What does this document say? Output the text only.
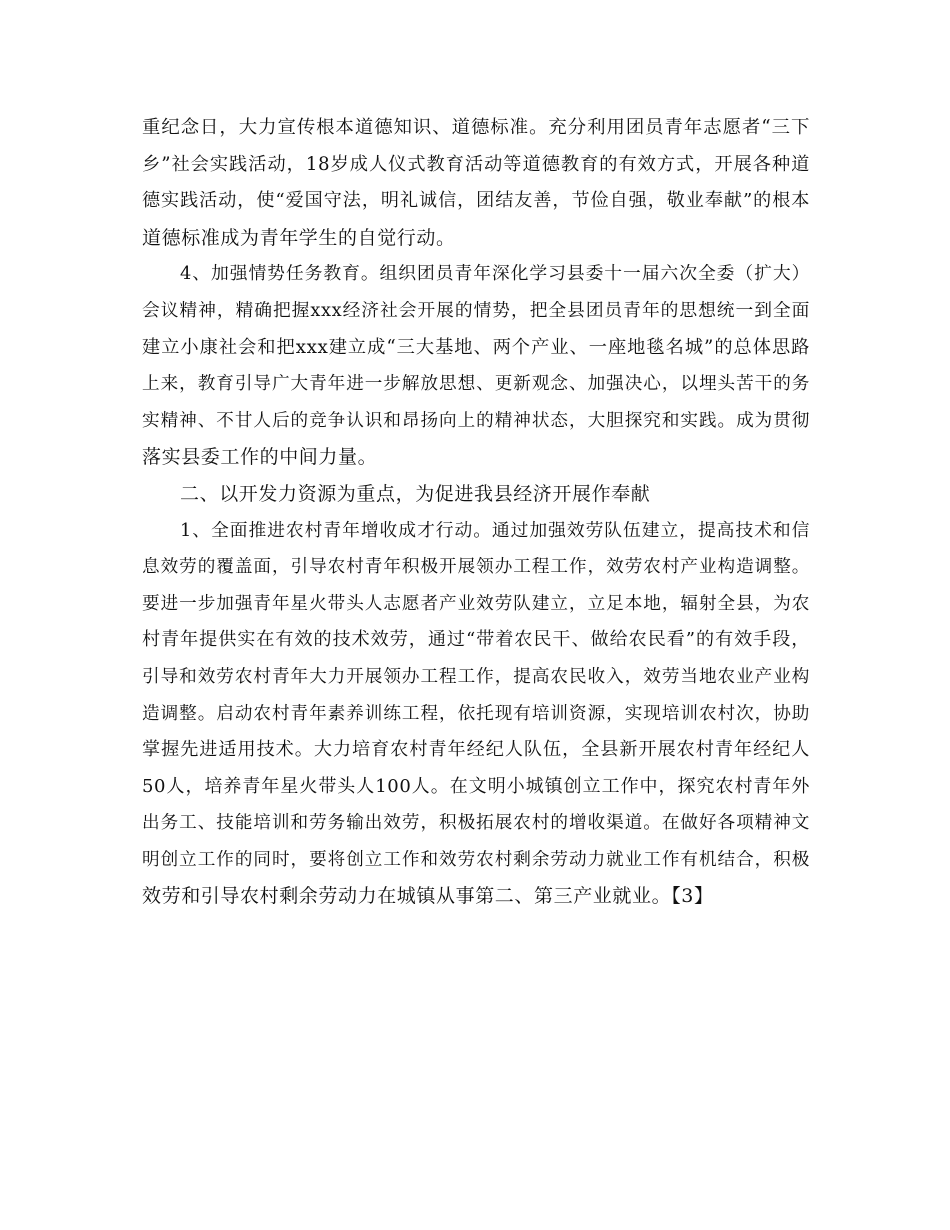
重纪念日，大力宣传根本道德知识、道德标准。充分利用团员青年志愿者“三下
乡”社会实践活动，18岁成人仪式教育活动等道德教育的有效方式，开展各种道
德实践活动，使“爱国守法，明礼诚信，团结友善，节俭自强，敬业奉献”的根本
道德标准成为青年学生的自觉行动。
4、加强情势任务教育。组织团员青年深化学习县委十一届六次全委（扩大）
会议精神，精确把握xxx经济社会开展的情势，把全县团员青年的思想统一到全面
建立小康社会和把xxx建立成“三大基地、两个产业、一座地毯名城”的总体思路
上来，教育引导广大青年进一步解放思想、更新观念、加强决心，以埋头苦干的务
实精神、不甘人后的竞争认识和昂扬向上的精神状态，大胆探究和实践。成为贯彻
落实县委工作的中间力量。
二、以开发力资源为重点，为促进我县经济开展作奉献
1、全面推进农村青年增收成才行动。通过加强效劳队伍建立，提高技术和信
息效劳的覆盖面，引导农村青年积极开展领办工程工作，效劳农村产业构造调整。
要进一步加强青年星火带头人志愿者产业效劳队建立，立足本地，辐射全县，为农
村青年提供实在有效的技术效劳，通过“带着农民干、做给农民看”的有效手段，
引导和效劳农村青年大力开展领办工程工作，提高农民收入，效劳当地农业产业构
造调整。启动农村青年素养训练工程，依托现有培训资源，实现培训农村次，协助
掌握先进适用技术。大力培育农村青年经纪人队伍，全县新开展农村青年经纪人
50人，培养青年星火带头人100人。在文明小城镇创立工作中，探究农村青年外
出务工、技能培训和劳务输出效劳，积极拓展农村的增收渠道。在做好各项精神文
明创立工作的同时，要将创立工作和效劳农村剩余劳动力就业工作有机结合，积极
效劳和引导农村剩余劳动力在城镇从事第二、第三产业就业。【3】
